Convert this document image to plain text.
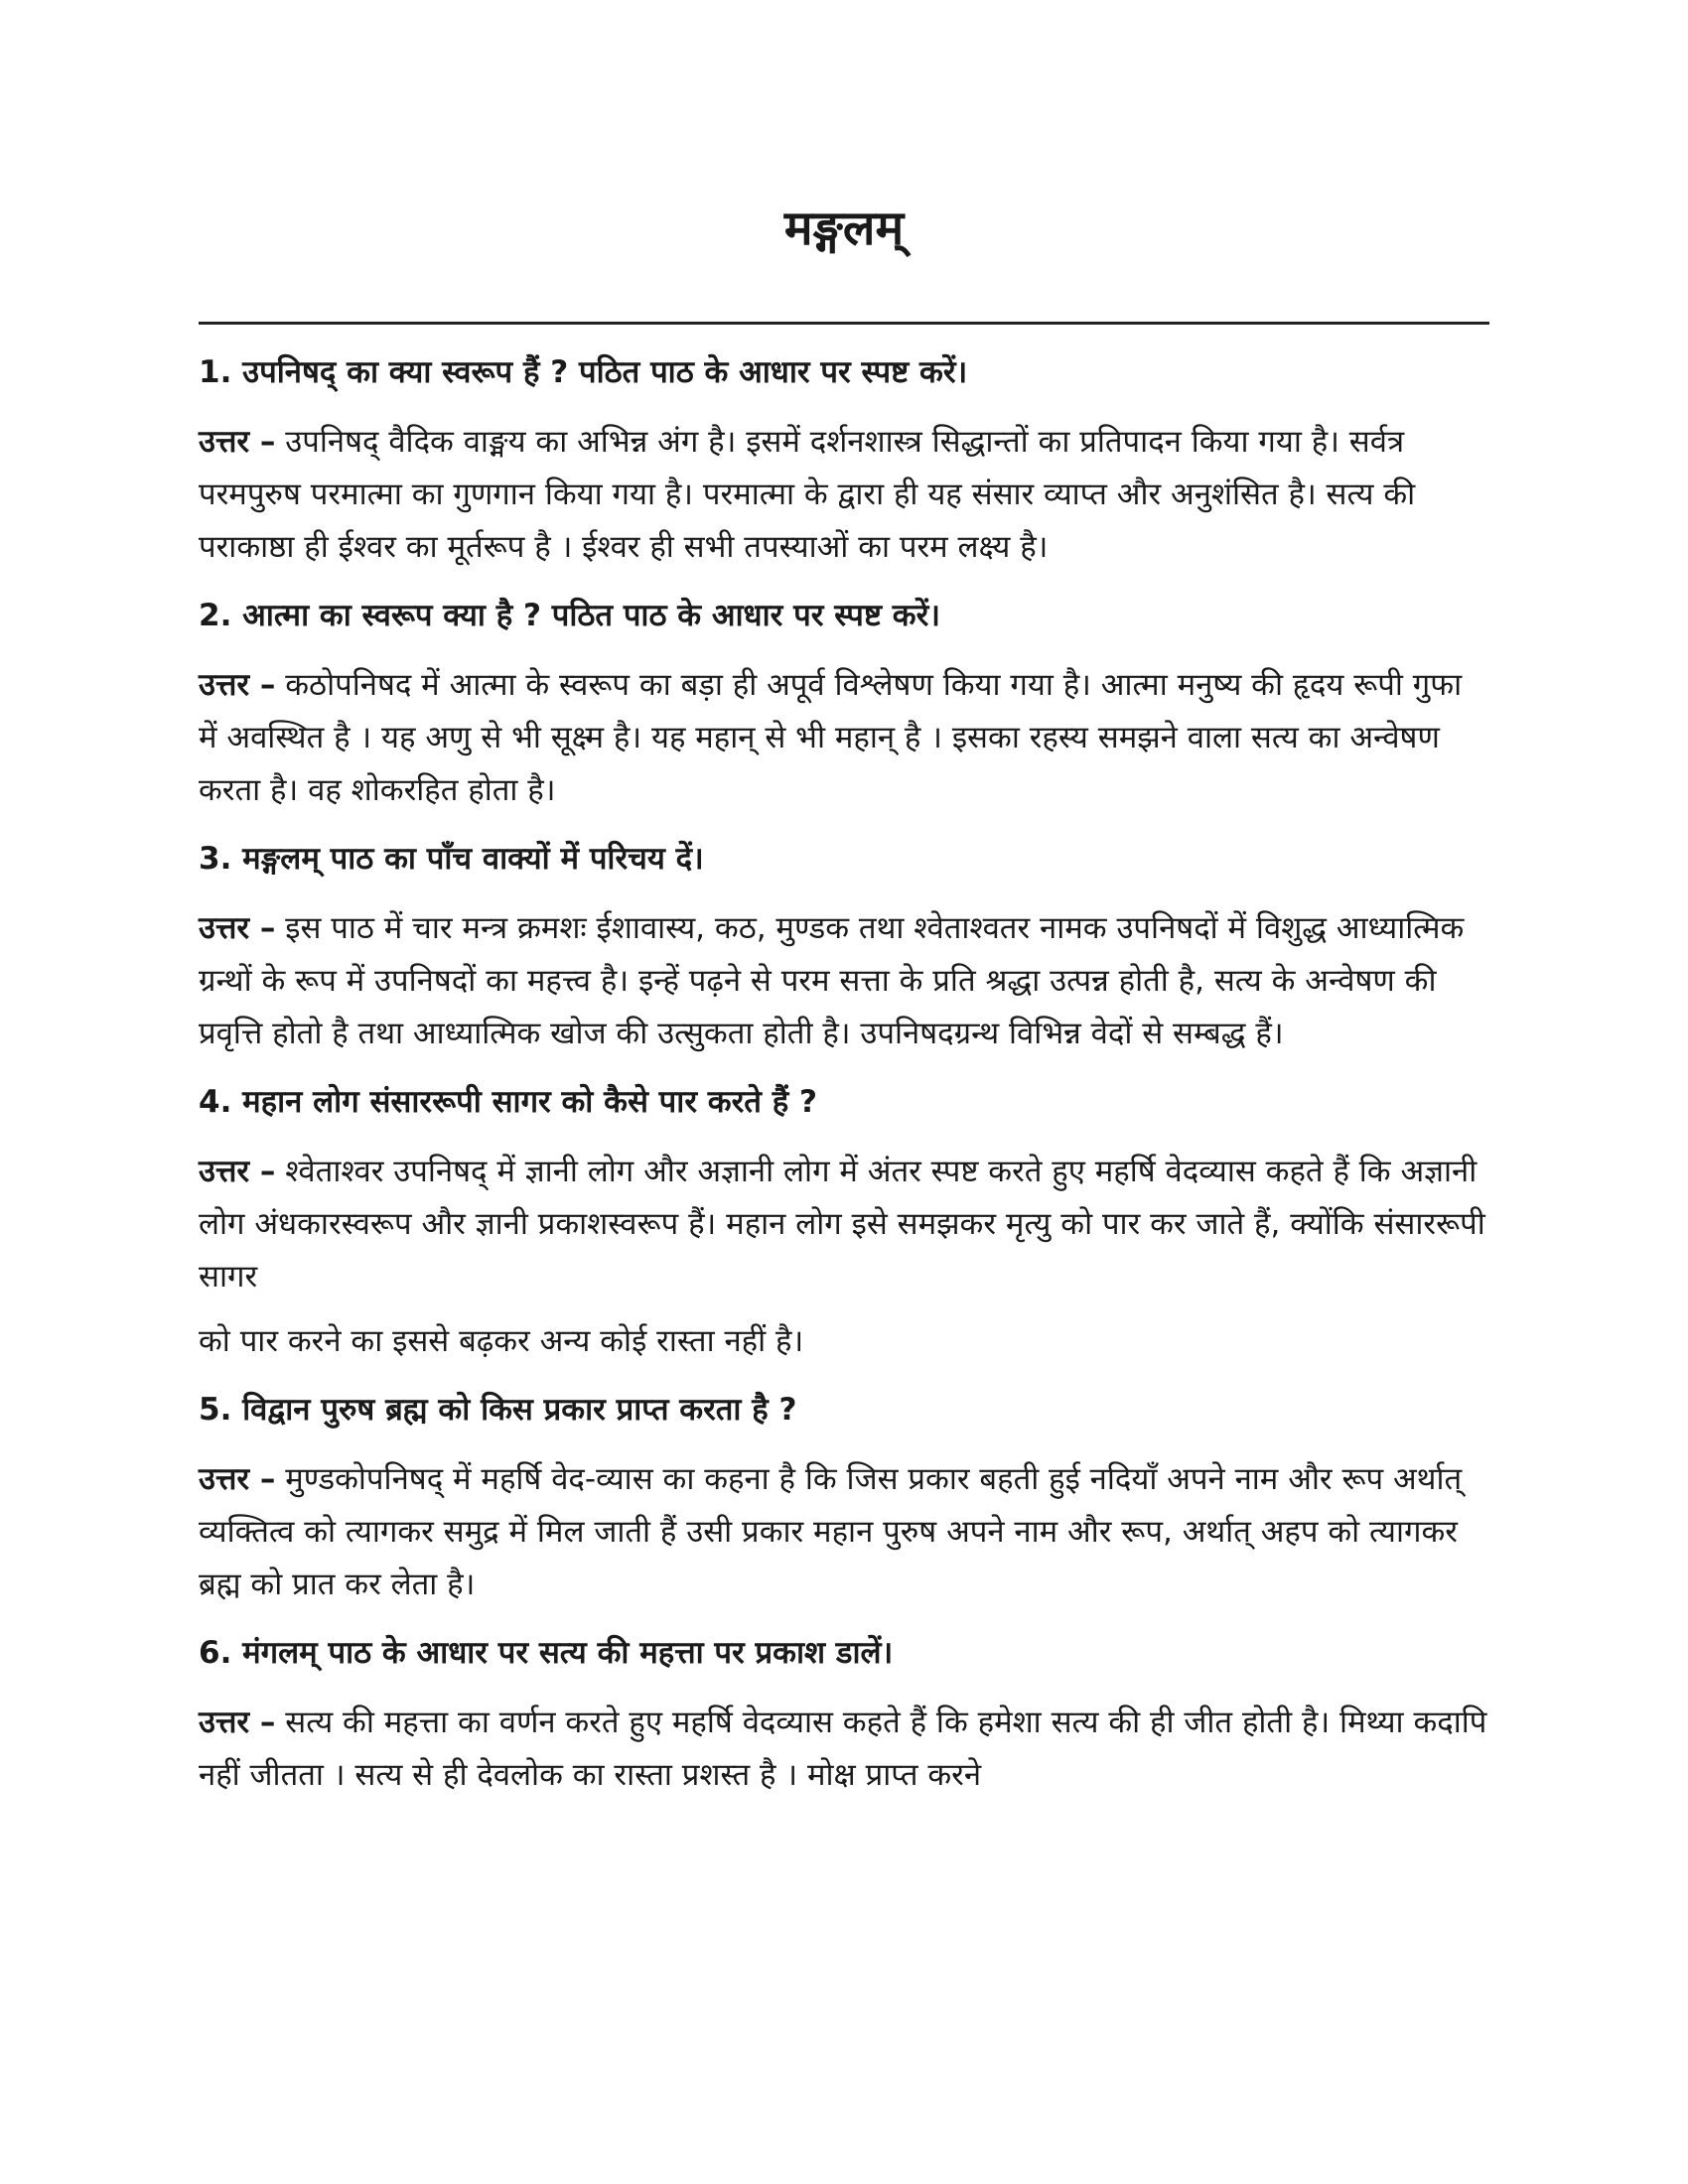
मङ्गलम्

1. उपनिषद् का क्या स्वरूप हैं ? पठित पाठ के आधार पर स्पष्ट करें।

उत्तर – उपनिषद् वैदिक वाङ्मय का अभिन्न अंग है। इसमें दर्शनशास्त्र सिद्धान्तों का प्रतिपादन किया गया है। सर्वत्र परमपुरुष परमात्मा का गुणगान किया गया है। परमात्मा के द्वारा ही यह संसार व्याप्त और अनुशंसित है। सत्य की पराकाष्ठा ही ईश्वर का मूर्तरूप है । ईश्वर ही सभी तपस्याओं का परम लक्ष्य है।

2. आत्मा का स्वरूप क्या है ? पठित पाठ के आधार पर स्पष्ट करें।

उत्तर – कठोपनिषद में आत्मा के स्वरूप का बड़ा ही अपूर्व विश्लेषण किया गया है। आत्मा मनुष्य की हृदय रूपी गुफा में अवस्थित है । यह अणु से भी सूक्ष्म है। यह महान् से भी महान् है । इसका रहस्य समझने वाला सत्य का अन्वेषण करता है। वह शोकरहित होता है।

3. मङ्गलम् पाठ का पाँच वाक्यों में परिचय दें।

उत्तर – इस पाठ में चार मन्त्र क्रमशः ईशावास्य, कठ, मुण्डक तथा श्वेताश्वतर नामक उपनिषदों में विशुद्ध आध्यात्मिक ग्रन्थों के रूप में उपनिषदों का महत्त्व है। इन्हें पढ़ने से परम सत्ता के प्रति श्रद्धा उत्पन्न होती है, सत्य के अन्वेषण की प्रवृत्ति होतो है तथा आध्यात्मिक खोज की उत्सुकता होती है। उपनिषदग्रन्थ विभिन्न वेदों से सम्बद्ध हैं।

4. महान लोग संसाररूपी सागर को कैसे पार करते हैं ?

उत्तर – श्वेताश्वर उपनिषद् में ज्ञानी लोग और अज्ञानी लोग में अंतर स्पष्ट करते हुए महर्षि वेदव्यास कहते हैं कि अज्ञानी लोग अंधकारस्वरूप और ज्ञानी प्रकाशस्वरूप हैं। महान लोग इसे समझकर मृत्यु को पार कर जाते हैं, क्योंकि संसाररूपी सागर

को पार करने का इससे बढ़कर अन्य कोई रास्ता नहीं है।

5. विद्वान पुरुष ब्रह्म को किस प्रकार प्राप्त करता है ?

उत्तर – मुण्डकोपनिषद् में महर्षि वेद-व्यास का कहना है कि जिस प्रकार बहती हुई नदियाँ अपने नाम और रूप अर्थात् व्यक्तित्व को त्यागकर समुद्र में मिल जाती हैं उसी प्रकार महान पुरुष अपने नाम और रूप, अर्थात् अहप को त्यागकर ब्रह्म को प्रात कर लेता है।

6. मंगलम् पाठ के आधार पर सत्य की महत्ता पर प्रकाश डालें।

उत्तर – सत्य की महत्ता का वर्णन करते हुए महर्षि वेदव्यास कहते हैं कि हमेशा सत्य की ही जीत होती है। मिथ्या कदापि नहीं जीतता । सत्य से ही देवलोक का रास्ता प्रशस्त है । मोक्ष प्राप्त करने
